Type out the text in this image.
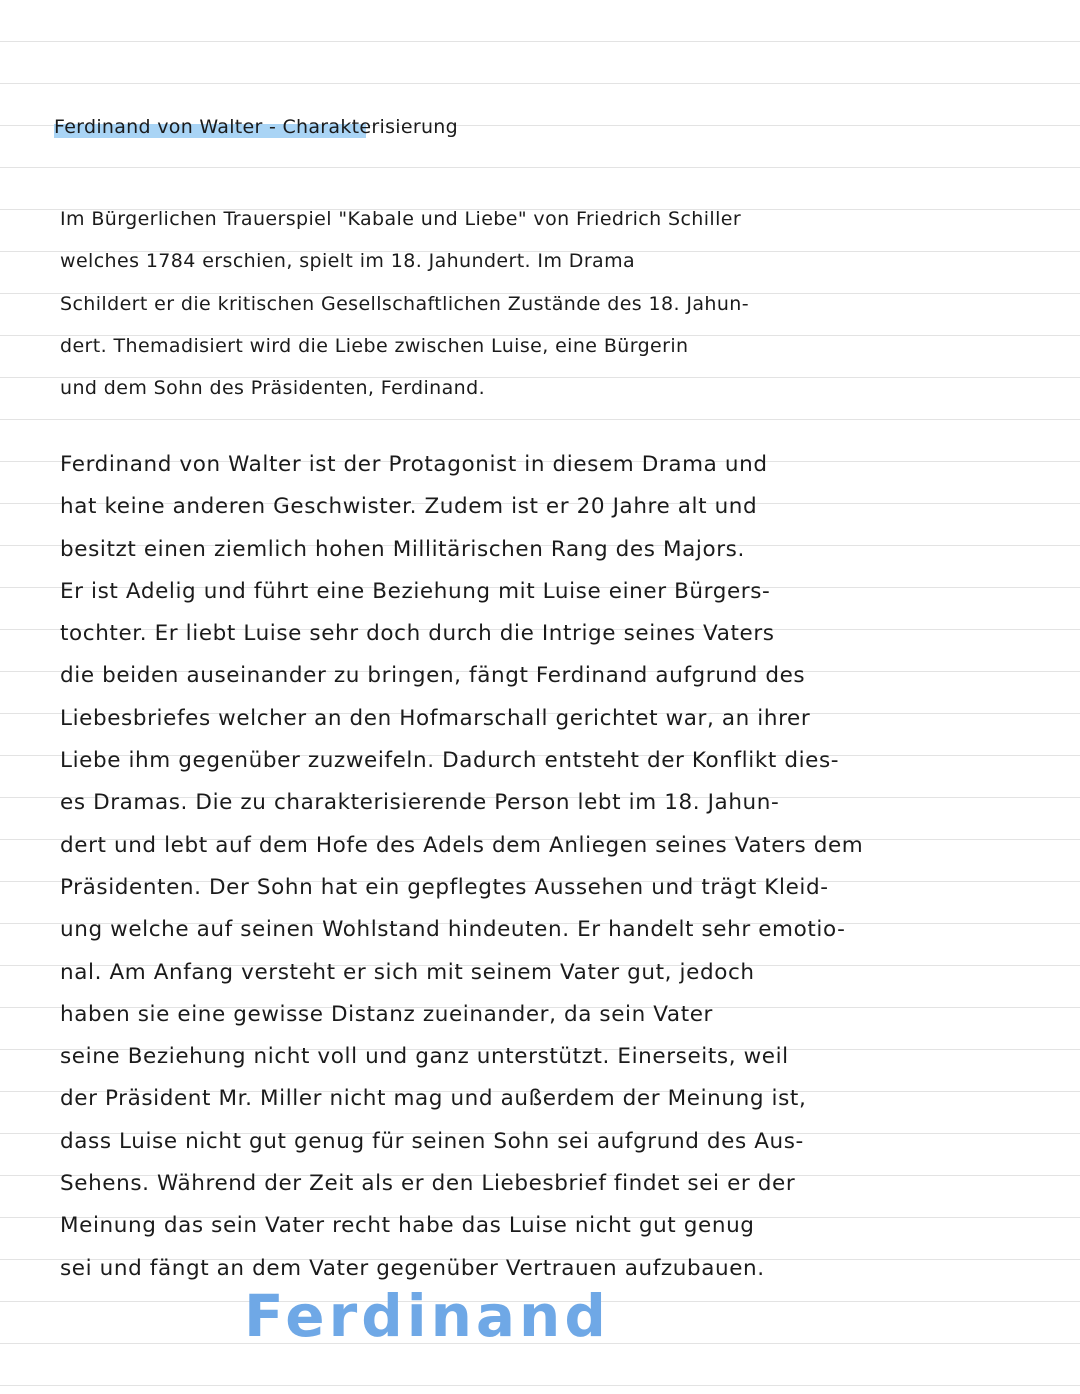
Ferdinand von Walter - Charakterisierung
Im Bürgerlichen Trauerspiel "Kabale und Liebe" von Friedrich Schiller
welches 1784 erschien, spielt im 18. Jahundert. Im Drama
Schildert er die kritischen Gesellschaftlichen Zustände des 18. Jahun-
dert. Themadisiert wird die Liebe zwischen Luise, eine Bürgerin
und dem Sohn des Präsidenten, Ferdinand.
Ferdinand von Walter ist der Protagonist in diesem Drama und
hat keine anderen Geschwister. Zudem ist er 20 Jahre alt und
besitzt einen ziemlich hohen Millitärischen Rang des Majors.
Er ist Adelig und führt eine Beziehung mit Luise einer Bürgers-
tochter. Er liebt Luise sehr doch durch die Intrige seines Vaters
die beiden auseinander zu bringen, fängt Ferdinand aufgrund des
Liebesbriefes welcher an den Hofmarschall gerichtet war, an ihrer
Liebe ihm gegenüber zuzweifeln. Dadurch entsteht der Konflikt dies-
es Dramas. Die zu charakterisierende Person lebt im 18. Jahun-
dert und lebt auf dem Hofe des Adels dem Anliegen seines Vaters dem
Präsidenten. Der Sohn hat ein gepflegtes Aussehen und trägt Kleid-
ung welche auf seinen Wohlstand hindeuten. Er handelt sehr emotio-
nal. Am Anfang versteht er sich mit seinem Vater gut, jedoch
haben sie eine gewisse Distanz zueinander, da sein Vater
seine Beziehung nicht voll und ganz unterstützt. Einerseits, weil
der Präsident Mr. Miller nicht mag und außerdem der Meinung ist,
dass Luise nicht gut genug für seinen Sohn sei aufgrund des Aus-
Sehens. Während der Zeit als er den Liebesbrief findet sei er der
Meinung das sein Vater recht habe das Luise nicht gut genug
sei und fängt an dem Vater gegenüber Vertrauen aufzubauen.
Ferdinand
